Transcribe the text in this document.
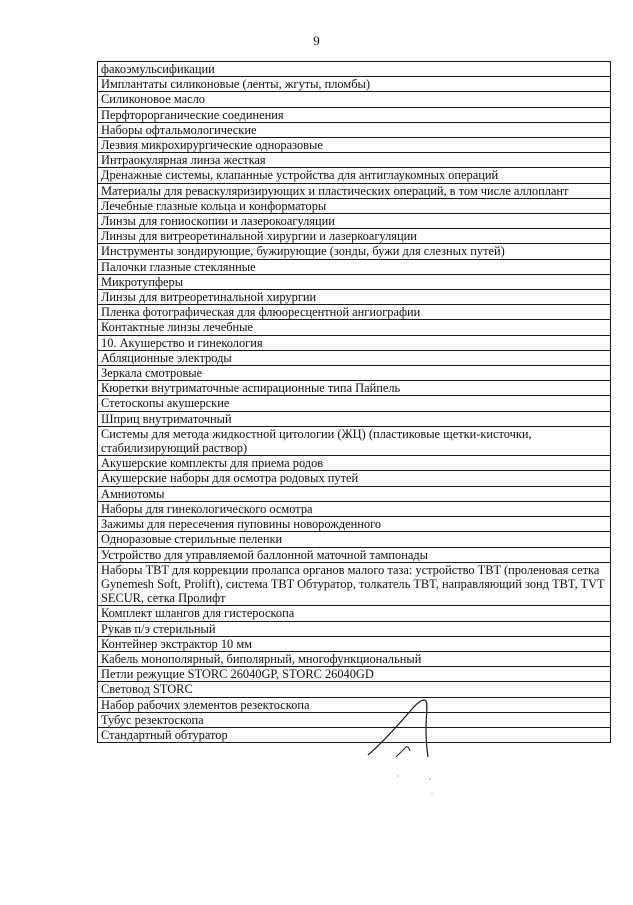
9
факоэмульсификации
Имплантаты силиконовые (ленты, жгуты, пломбы)
Силиконовое масло
Перфторорганические соединения
Наборы офтальмологические
Лезвия микрохирургические одноразовые
Интраокулярная линза жесткая
Дренажные системы, клапанные устройства для антиглаукомных операций
Материалы для реваскуляризирующих и пластических операций, в том числе аллоплант
Лечебные глазные кольца и конформаторы
Линзы для гониоскопии и лазерокоагуляции
Линзы для витреоретинальной хирургии и лазеркоагуляции
Инструменты зондирующие, бужирующие (зонды, бужи для слезных путей)
Палочки глазные стеклянные
Микротупферы
Линзы для витреоретинальной хирургии
Пленка фотографическая для флюоресцентной ангиографии
Контактные линзы лечебные
10. Акушерство и гинекология
Абляционные электроды
Зеркала смотровые
Кюретки внутриматочные аспирационные типа Пайпель
Стетоскопы акушерские
Шприц внутриматочный
Системы для метода жидкостной цитологии (ЖЦ) (пластиковые щетки-кисточки, стабилизирующий раствор)
Акушерские комплекты для приема родов
Акушерские наборы для осмотра родовых путей
Амниотомы
Наборы для гинекологического осмотра
Зажимы для пересечения пуповины новорожденного
Одноразовые стерильные пеленки
Устройство для управляемой баллонной маточной тампонады
Наборы TBT для коррекции пролапса органов малого таза: устройство TBT (проленовая сетка Gynemesh Soft, Prolift), система TBT Обтуратор, толкатель TBT, направляющий зонд TBT, TVT SECUR, сетка Пролифт
Комплект шлангов для гистероскопа
Рукав п/э стерильный
Контейнер экстрактор 10 мм
Кабель монополярный, биполярный, многофункциональный
Петли режущие STORC 26040GP, STORC 26040GD
Световод STORC
Набор рабочих элементов резектоскопа
Тубус резектоскопа
Стандартный обтуратор
